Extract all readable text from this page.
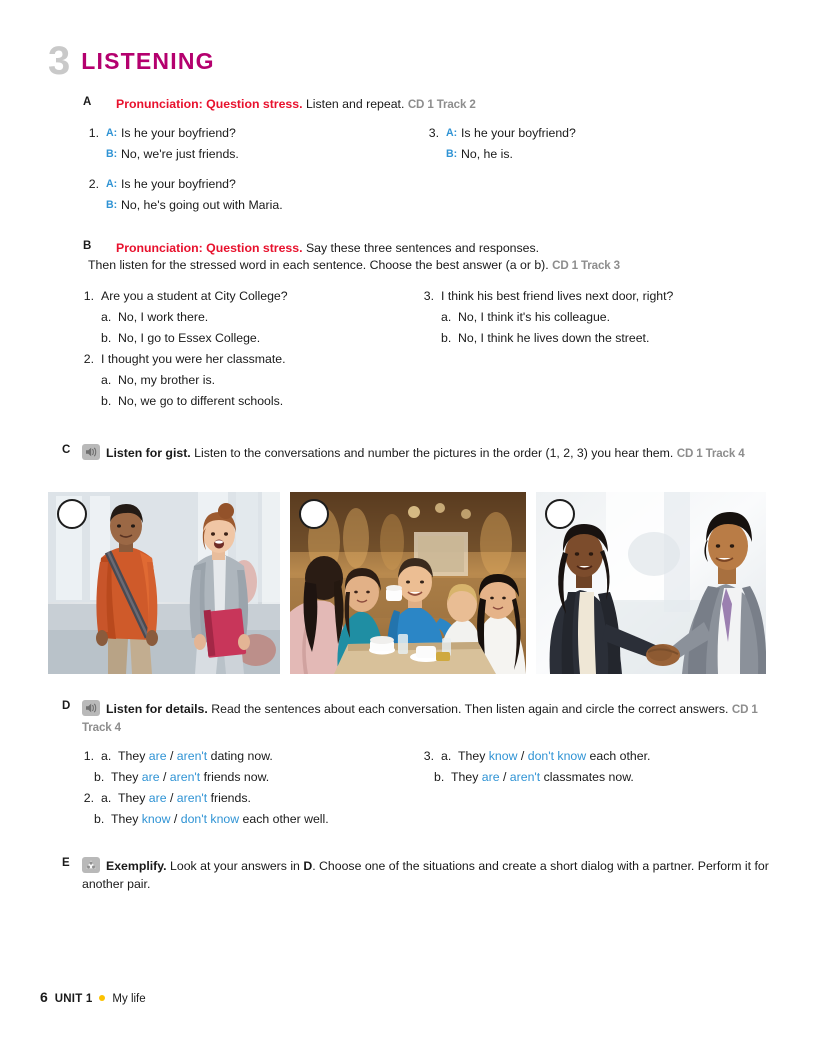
3 LISTENING
A Pronunciation: Question stress. Listen and repeat. CD 1 Track 2
1. A: Is he your boyfriend?
B: No, we're just friends.
2. A: Is he your boyfriend?
B: No, he's going out with Maria.
3. A: Is he your boyfriend?
B: No, he is.
B Pronunciation: Question stress. Say these three sentences and responses.
Then listen for the stressed word in each sentence. Choose the best answer (a or b). CD 1 Track 3
1. Are you a student at City College?
a. No, I work there.
b. No, I go to Essex College.
2. I thought you were her classmate.
a. No, my brother is.
b. No, we go to different schools.
3. I think his best friend lives next door, right?
a. No, I think it's his colleague.
b. No, I think he lives down the street.
C	Listen for gist. Listen to the conversations and number the pictures in the order (1, 2, 3) you hear them. CD 1 Track 4
D	Listen for details. Read the sentences about each conversation. Then listen again and circle the correct answers. CD 1 Track 4
1. a. They are / aren't dating now.
b. They are / aren't friends now.
2. a. They are / aren't friends.
b. They know / don't know each other well.
3. a. They know / don't know each other.
b. They are / aren't classmates now.
E	Exemplify. Look at your answers in D. Choose one of the situations and create a short dialog with a partner. Perform it for another pair.
6 UNIT 1 My life
